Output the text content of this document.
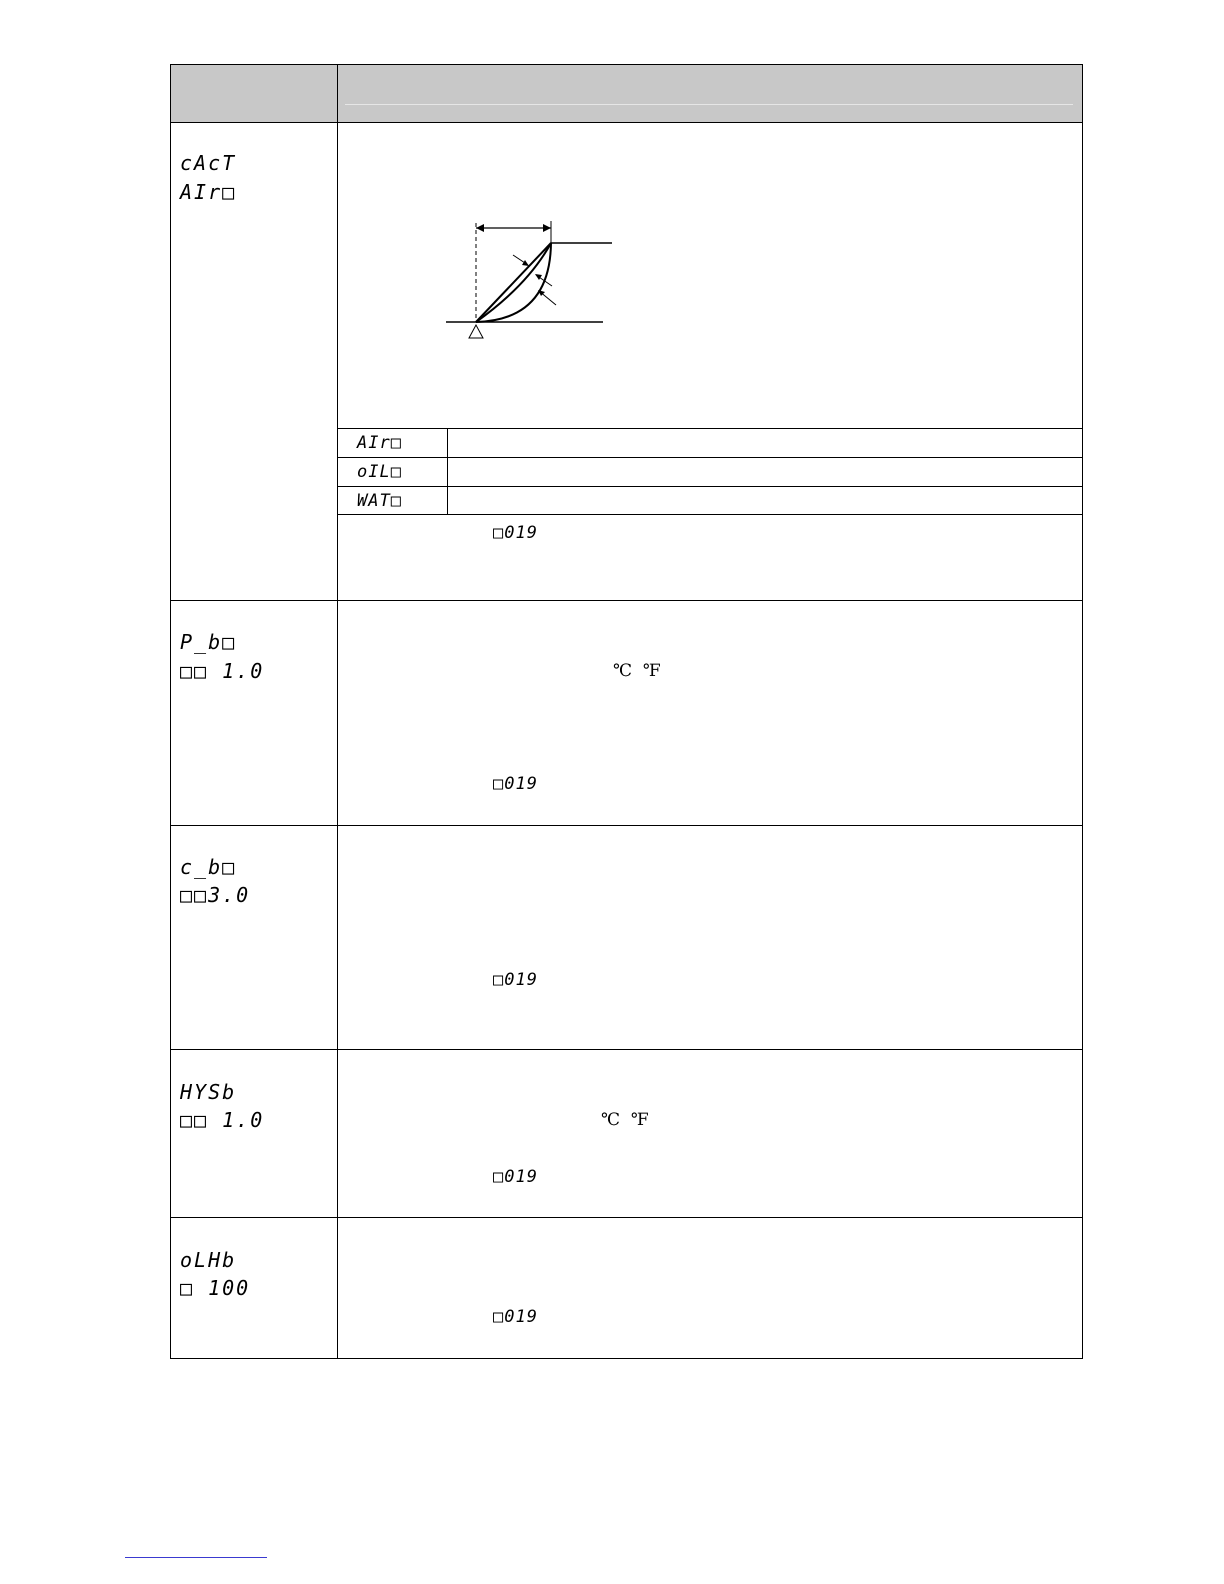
cAcT
AIr□
AIr□
oIL□
WAT□
□019
P_b□
□□ 1.0	℃  ℉
□019
c_b□
□□3.0
□019
HYSb
□□ 1.0	℃  ℉
□019
oLHb
□ 100
□019
